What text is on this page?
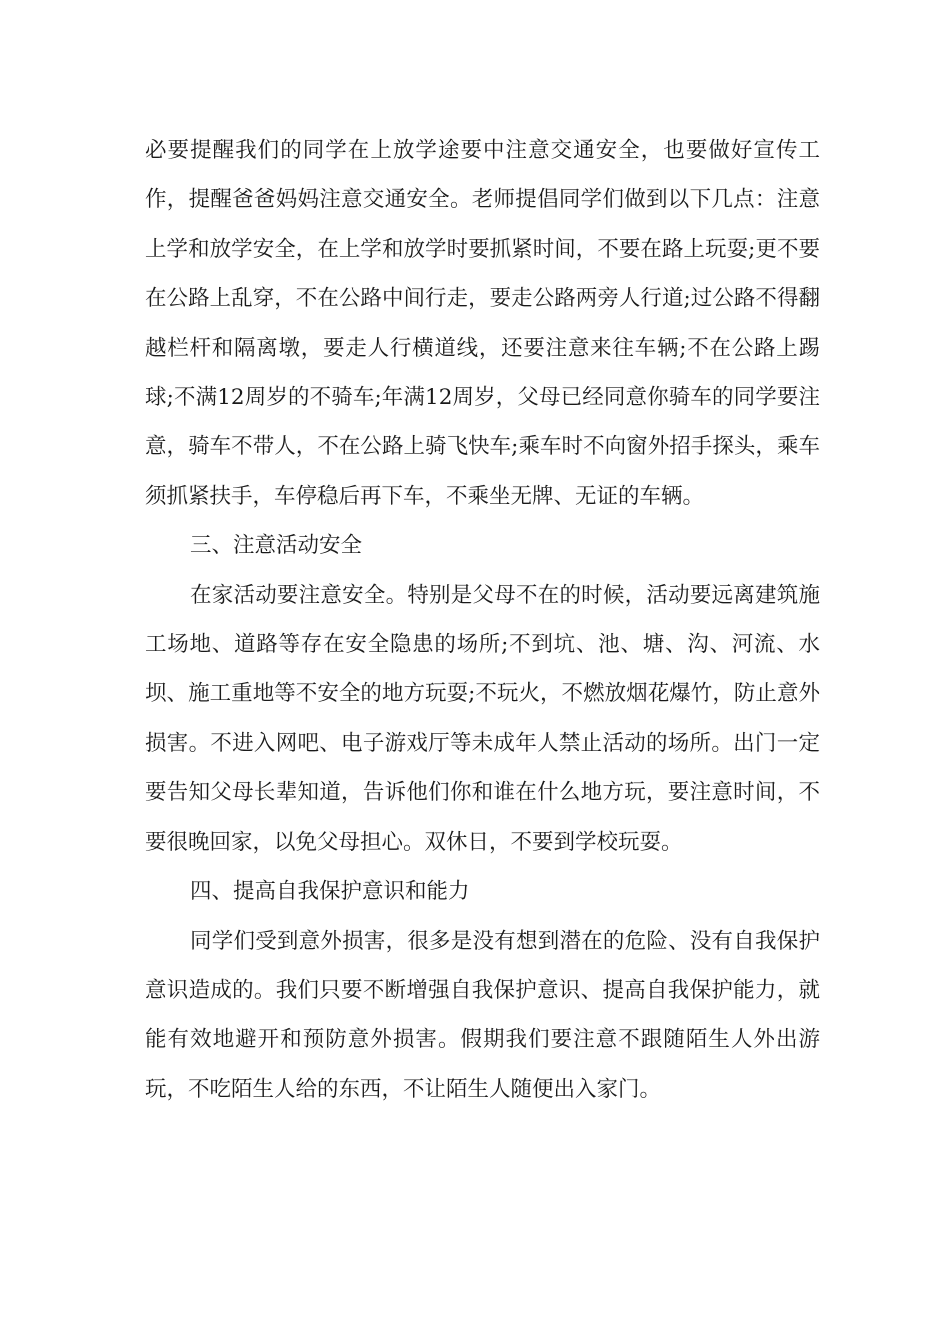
必要提醒我们的同学在上放学途要中注意交通安全，也要做好宣传工作，提醒爸爸妈妈注意交通安全。老师提倡同学们做到以下几点：注意上学和放学安全，在上学和放学时要抓紧时间，不要在路上玩耍;更不要在公路上乱穿，不在公路中间行走，要走公路两旁人行道;过公路不得翻越栏杆和隔离墩，要走人行横道线，还要注意来往车辆;不在公路上踢球;不满12周岁的不骑车;年满12周岁，父母已经同意你骑车的同学要注意，骑车不带人，不在公路上骑飞快车;乘车时不向窗外招手探头，乘车须抓紧扶手，车停稳后再下车，不乘坐无牌、无证的车辆。

三、注意活动安全

在家活动要注意安全。特别是父母不在的时候，活动要远离建筑施工场地、道路等存在安全隐患的场所;不到坑、池、塘、沟、河流、水坝、施工重地等不安全的地方玩耍;不玩火，不燃放烟花爆竹，防止意外损害。不进入网吧、电子游戏厅等未成年人禁止活动的场所。出门一定要告知父母长辈知道，告诉他们你和谁在什么地方玩，要注意时间，不要很晚回家，以免父母担心。双休日，不要到学校玩耍。

四、提高自我保护意识和能力

同学们受到意外损害，很多是没有想到潜在的危险、没有自我保护意识造成的。我们只要不断增强自我保护意识、提高自我保护能力，就能有效地避开和预防意外损害。假期我们要注意不跟随陌生人外出游玩，不吃陌生人给的东西，不让陌生人随便出入家门。
